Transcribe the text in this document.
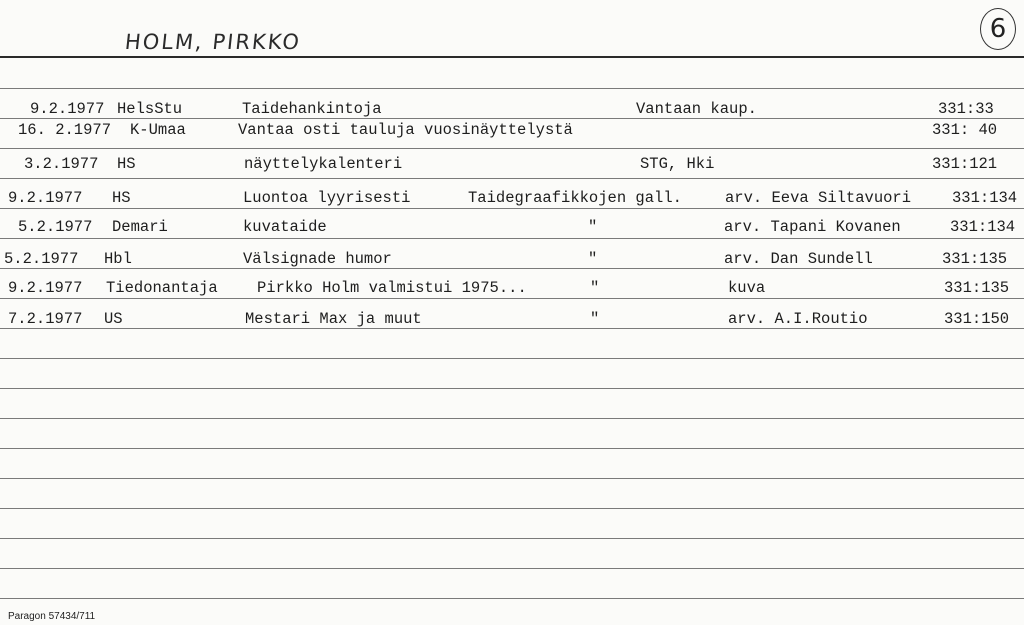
HOLM, PIRKKO	6
9.2.1977 HelsStu	Taidehankintoja	Vantaan kaup.	331:33
16. 2.1977 K-Umaa	Vantaa osti tauluja vuosinäyttelystä	331: 40
3.2.1977 HS	näyttelykalenteri	STG, Hki	331:121
9.2.1977 HS	Luontoa lyyrisesti	Taidegraafikkojen gall.	arv. Eeva Siltavuori	331:134
5.2.1977 Demari	kuvataide	"	arv. Tapani Kovanen	331:134
5.2.1977 Hbl	Välsignade humor	"	arv. Dan Sundell	331:135
9.2.1977 Tiedonantaja	Pirkko Holm valmistui 1975...	"	kuva	331:135
7.2.1977 US	Mestari Max ja muut	"	arv. A.I.Routio	331:150
Paragon 57434/711
